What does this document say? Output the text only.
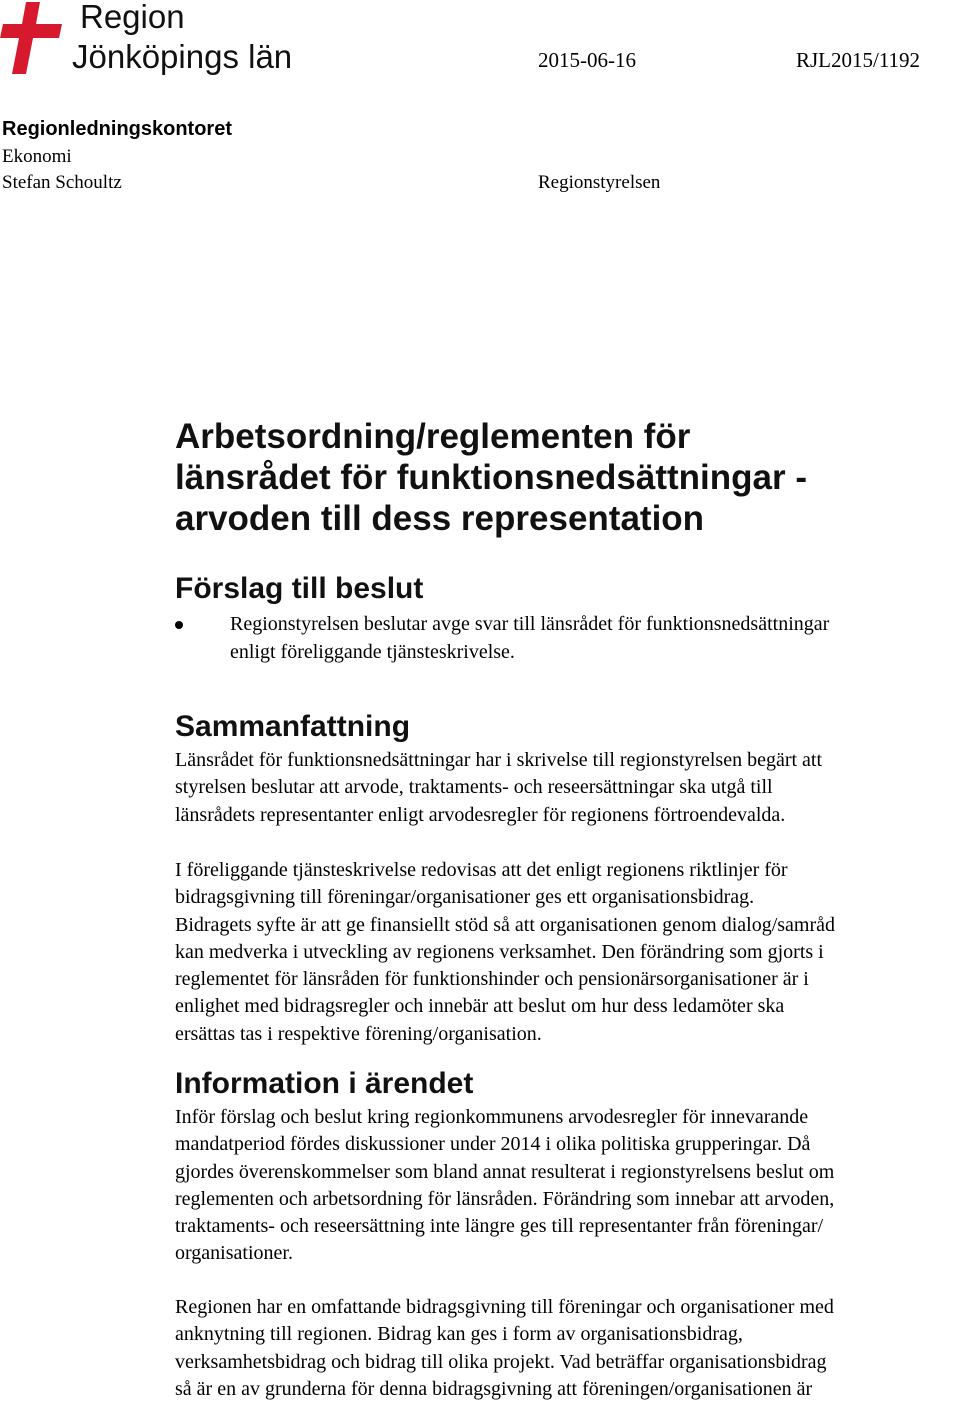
Region
Jönköpings län	2015-06-16	RJL2015/1192
Regionledningskontoret
Ekonomi
Stefan Schoultz	Regionstyrelsen
Arbetsordning/reglementen för
länsrådet för funktionsnedsättningar -
arvoden till dess representation
Förslag till beslut
Regionstyrelsen beslutar avge svar till länsrådet för funktionsnedsättningar
enligt föreliggande tjänsteskrivelse.
Sammanfattning
Länsrådet för funktionsnedsättningar har i skrivelse till regionstyrelsen begärt att
styrelsen beslutar att arvode, traktaments- och reseersättningar ska utgå till
länsrådets representanter enligt arvodesregler för regionens förtroendevalda.
I föreliggande tjänsteskrivelse redovisas att det enligt regionens riktlinjer för
bidragsgivning till föreningar/organisationer ges ett organisationsbidrag.
Bidragets syfte är att ge finansiellt stöd så att organisationen genom dialog/samråd
kan medverka i utveckling av regionens verksamhet. Den förändring som gjorts i
reglementet för länsråden för funktionshinder och pensionärsorganisationer är i
enlighet med bidragsregler och innebär att beslut om hur dess ledamöter ska
ersättas tas i respektive förening/organisation.
Information i ärendet
Inför förslag och beslut kring regionkommunens arvodesregler för innevarande
mandatperiod fördes diskussioner under 2014 i olika politiska grupperingar. Då
gjordes överenskommelser som bland annat resulterat i regionstyrelsens beslut om
reglementen och arbetsordning för länsråden. Förändring som innebar att arvoden,
traktaments- och reseersättning inte längre ges till representanter från föreningar/
organisationer.
Regionen har en omfattande bidragsgivning till föreningar och organisationer med
anknytning till regionen. Bidrag kan ges i form av organisationsbidrag,
verksamhetsbidrag och bidrag till olika projekt. Vad beträffar organisationsbidrag
så är en av grunderna för denna bidragsgivning att föreningen/organisationen är
